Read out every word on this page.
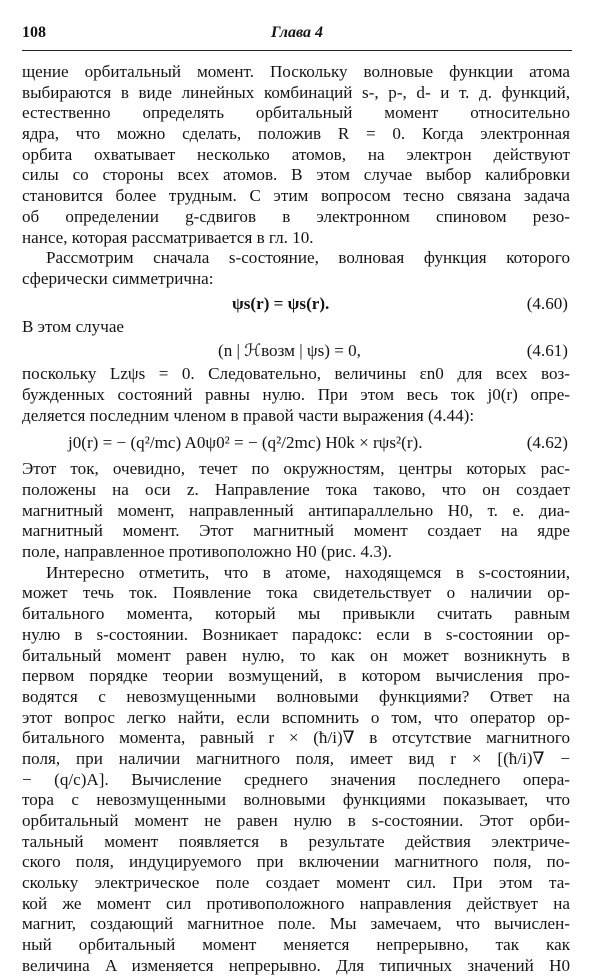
108	Глава 4
щение орбитальный момент. Поскольку волновые функции атома
выбираются в виде линейных комбинаций s-, p-, d- и т. д. функций,
естественно определять орбитальный момент относительно
ядра, что можно сделать, положив R = 0. Когда электронная
орбита охватывает несколько атомов, на электрон действуют
силы со стороны всех атомов. В этом случае выбор калибровки
становится более трудным. С этим вопросом тесно связана задача
об определении g-сдвигов в электронном спиновом резо-
нансе, которая рассматривается в гл. 10.
Рассмотрим сначала s-состояние, волновая функция которого
сферически симметрична:
ψs(r) = ψs(r).	(4.60)
В этом случае
(n | ℋвозм | ψs) = 0,	(4.61)
поскольку Lzψs = 0. Следовательно, величины εn0 для всех воз-
бужденных состояний равны нулю. При этом весь ток j0(r) опре-
деляется последним членом в правой части выражения (4.44):
j0(r) = − (q²/mc) A0ψ0² = − (q²/2mc) H0k × rψs²(r).	(4.62)
Этот ток, очевидно, течет по окружностям, центры которых рас-
положены на оси z. Направление тока таково, что он создает
магнитный момент, направленный антипараллельно H0, т. е. диа-
магнитный момент. Этот магнитный момент создает на ядре
поле, направленное противоположно H0 (рис. 4.3).
Интересно отметить, что в атоме, находящемся в s-состоянии,
может течь ток. Появление тока свидетельствует о наличии ор-
битального момента, который мы привыкли считать равным
нулю в s-состоянии. Возникает парадокс: если в s-состоянии ор-
битальный момент равен нулю, то как он может возникнуть в
первом порядке теории возмущений, в котором вычисления про-
водятся с невозмущенными волновыми функциями? Ответ на
этот вопрос легко найти, если вспомнить о том, что оператор ор-
битального момента, равный r × (ħ/i)∇ в отсутствие магнитного
поля, при наличии магнитного поля, имеет вид r × [(ħ/i)∇ −
− (q/c)A]. Вычисление среднего значения последнего опера-
тора с невозмущенными волновыми функциями показывает, что
орбитальный момент не равен нулю в s-состоянии. Этот орби-
тальный момент появляется в результате действия электриче-
ского поля, индуцируемого при включении магнитного поля, по-
скольку электрическое поле создает момент сил. При этом та-
кой же момент сил противоположного направления действует на
магнит, создающий магнитное поле. Мы замечаем, что вычислен-
ный орбитальный момент меняется непрерывно, так как
величина A изменяется непрерывно. Для типичных значений H0
